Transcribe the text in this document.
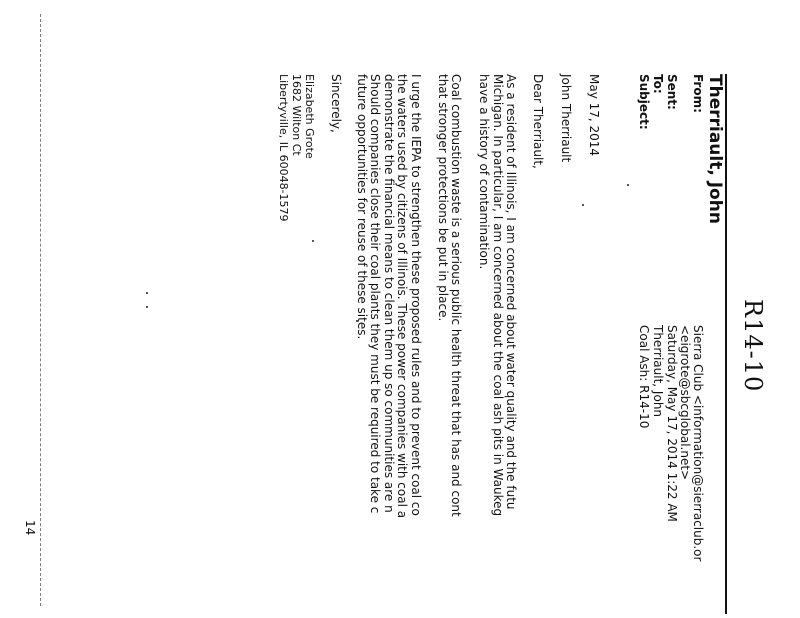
R14-10
Therriault, John
From:
Sent:
To:
Subject:
Sierra Club <information@sierraclub.or
<eigrote@sbcglobal.net>
Saturday, May 17, 2014 1:22 AM
Therriault, John
Coal Ash: R14-10
May 17, 2014
John Therriault
Dear Therriault,
As a resident of Illinois, I am concerned about water quality and the futu
Michigan. In particular, I am concerned about the coal ash pits in Waukeg
have a history of contamination.
Coal combustion waste is a serious public health threat that has and cont
that stronger protections be put in place.
I urge the IEPA to strengthen these proposed rules and to prevent coal co
the waters used by citizens of Illinois. These power companies with coal a
demonstrate the financial means to clean them up so communities are n
Should companies close their coal plants they must be required to take c
future opportunities for reuse of these sites.
Sincerely,
Elizabeth Grote
1682 Wilton Ct
Libertyville, IL 60048-1579
14
